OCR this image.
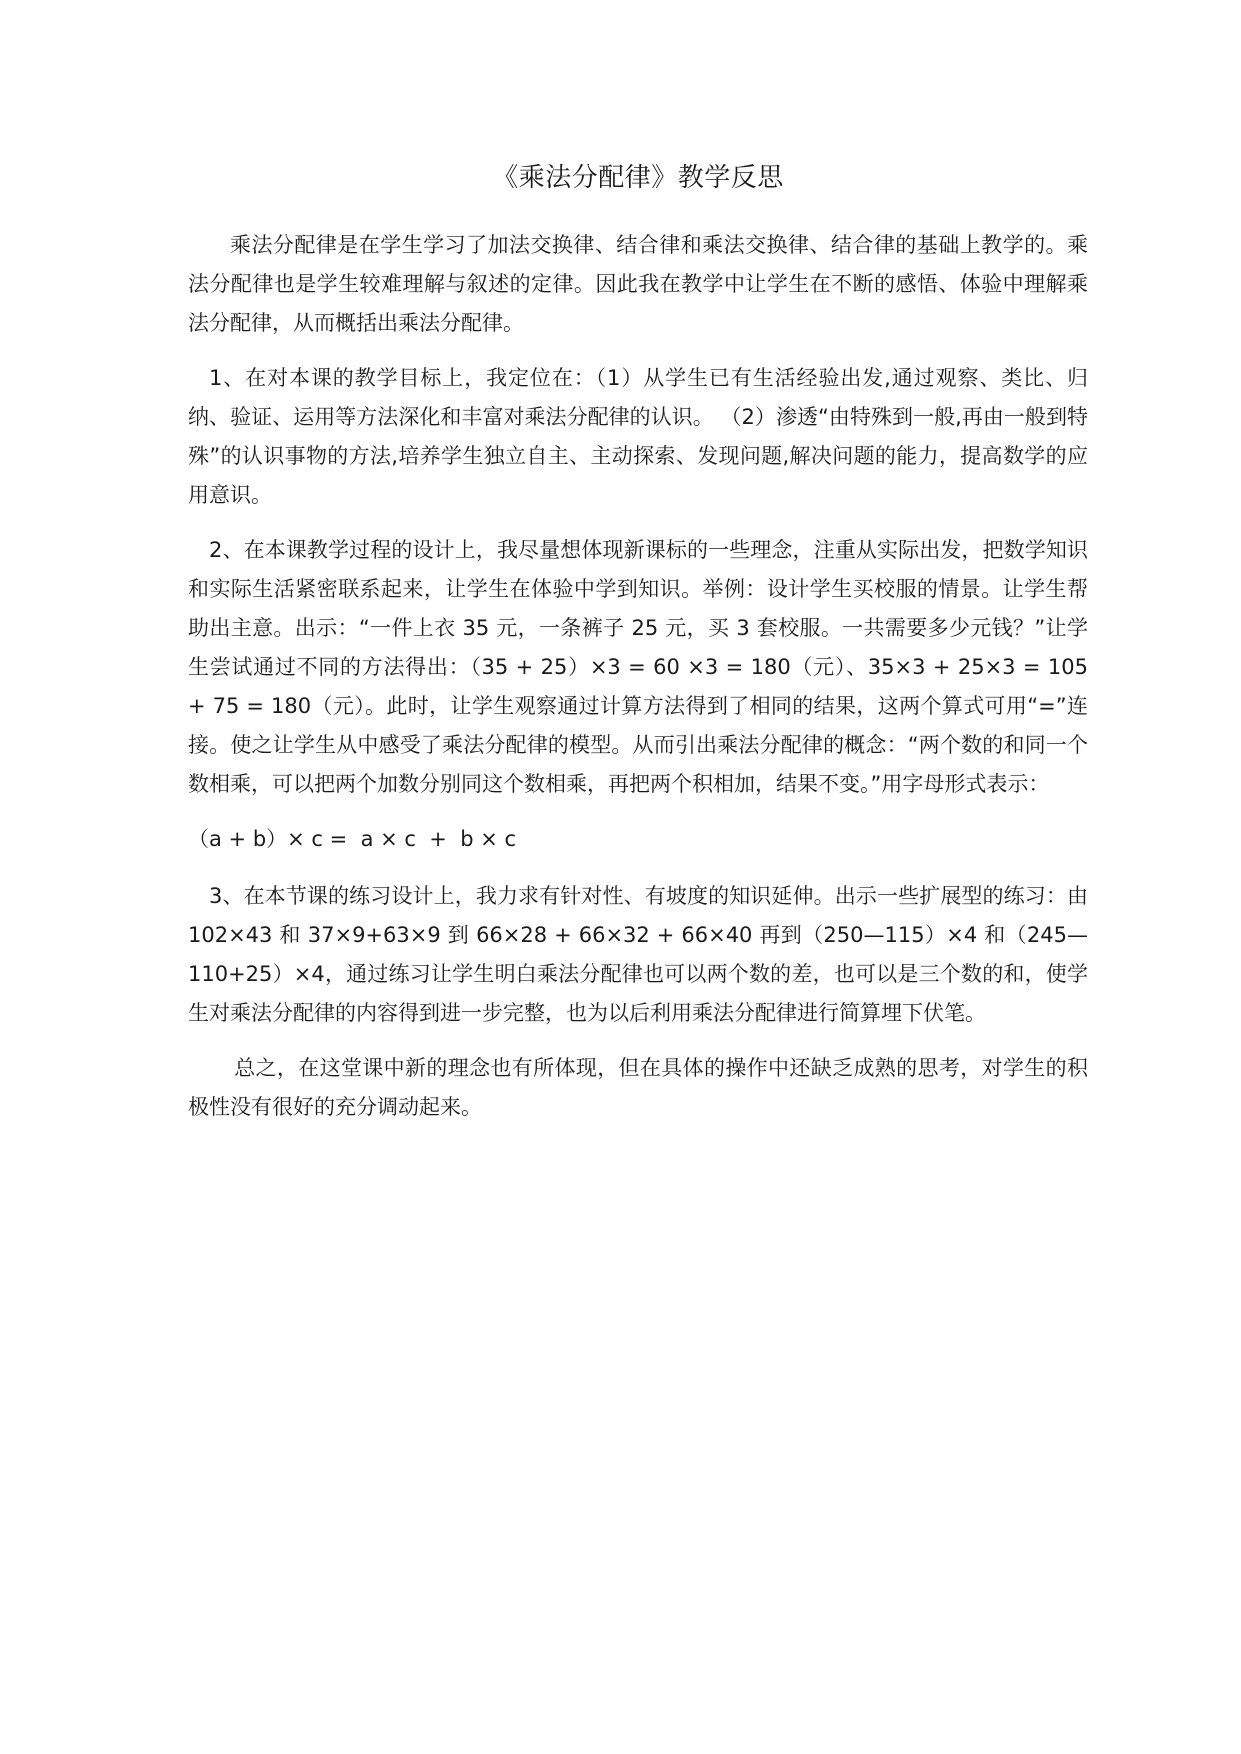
《乘法分配律》教学反思

乘法分配律是在学生学习了加法交换律、结合律和乘法交换律、结合律的基础上教学的。乘法分配律也是学生较难理解与叙述的定律。因此我在教学中让学生在不断的感悟、体验中理解乘法分配律，从而概括出乘法分配律。

1、在对本课的教学目标上，我定位在：（1）从学生已有生活经验出发,通过观察、类比、归纳、验证、运用等方法深化和丰富对乘法分配律的认识。 （2）渗透“由特殊到一般,再由一般到特殊”的认识事物的方法,培养学生独立自主、主动探索、发现问题,解决问题的能力，提高数学的应用意识。

2、在本课教学过程的设计上，我尽量想体现新课标的一些理念，注重从实际出发，把数学知识和实际生活紧密联系起来，让学生在体验中学到知识。举例：设计学生买校服的情景。让学生帮助出主意。出示：“一件上衣 35 元，一条裤子 25 元，买 3 套校服。一共需要多少元钱？”让学生尝试通过不同的方法得出：（35 + 25）×3 = 60 ×3 = 180（元）、35×3 + 25×3 = 105 + 75 = 180（元）。此时，让学生观察通过计算方法得到了相同的结果，这两个算式可用“=”连接。使之让学生从中感受了乘法分配律的模型。从而引出乘法分配律的概念：“两个数的和同一个数相乘，可以把两个加数分别同这个数相乘，再把两个积相加，结果不变。”用字母形式表示：

（a + b）× c =  a × c  +  b × c

3、在本节课的练习设计上，我力求有针对性、有坡度的知识延伸。出示一些扩展型的练习：由 102×43 和 37×9+63×9 到 66×28 + 66×32 + 66×40 再到（250—115）×4 和（245—110+25）×4，通过练习让学生明白乘法分配律也可以两个数的差，也可以是三个数的和，使学生对乘法分配律的内容得到进一步完整，也为以后利用乘法分配律进行简算埋下伏笔。

总之，在这堂课中新的理念也有所体现，但在具体的操作中还缺乏成熟的思考，对学生的积极性没有很好的充分调动起来。
